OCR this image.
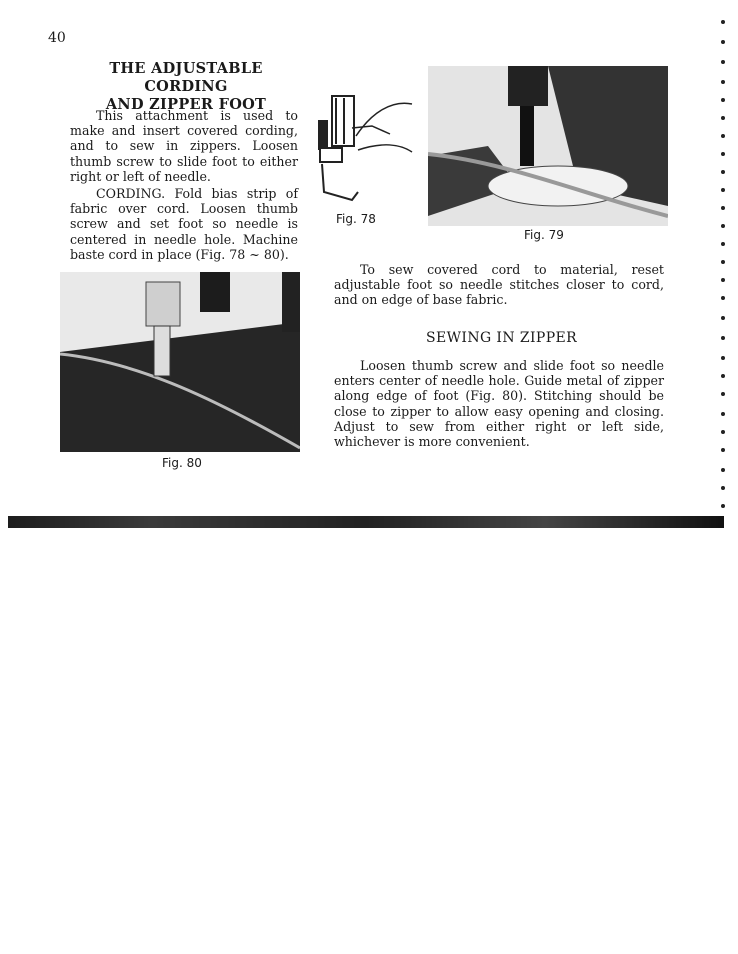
40
THE ADJUSTABLE CORDING
AND ZIPPER FOOT
This attachment is used to make and insert covered cording, and to sew in zippers. Loosen thumb screw to slide foot to either right or left of needle.
CORDING. Fold bias strip of fabric over cord. Loosen thumb screw and set foot so needle is centered in needle hole. Machine baste cord in place (Fig. 78 ~ 80).
Fig. 78
Fig. 79
Fig. 80
To sew covered cord to material, reset adjustable foot so needle stitches closer to cord, and on edge of base fabric.
SEWING IN ZIPPER
Loosen thumb screw and slide foot so needle enters center of needle hole. Guide metal of zipper along edge of foot (Fig. 80). Stitching should be close to zipper to allow easy opening and closing. Adjust to sew from either right or left side, whichever is more convenient.
